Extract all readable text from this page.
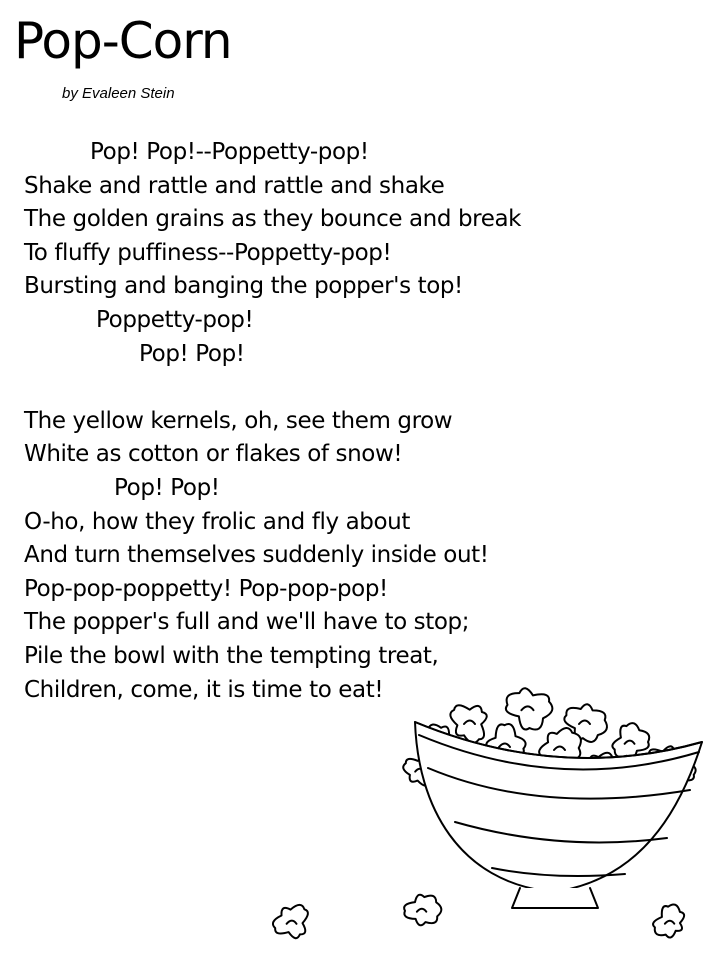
Pop-Corn
by Evaleen Stein
Pop! Pop!--Poppetty-pop!
Shake and rattle and rattle and shake
The golden grains as they bounce and break
To fluffy puffiness--Poppetty-pop!
Bursting and banging the popper's top!
Poppetty-pop!
Pop! Pop!
The yellow kernels, oh, see them grow
White as cotton or flakes of snow!
Pop! Pop!
O-ho, how they frolic and fly about
And turn themselves suddenly inside out!
Pop-pop-poppetty! Pop-pop-pop!
The popper's full and we'll have to stop;
Pile the bowl with the tempting treat,
Children, come, it is time to eat!
